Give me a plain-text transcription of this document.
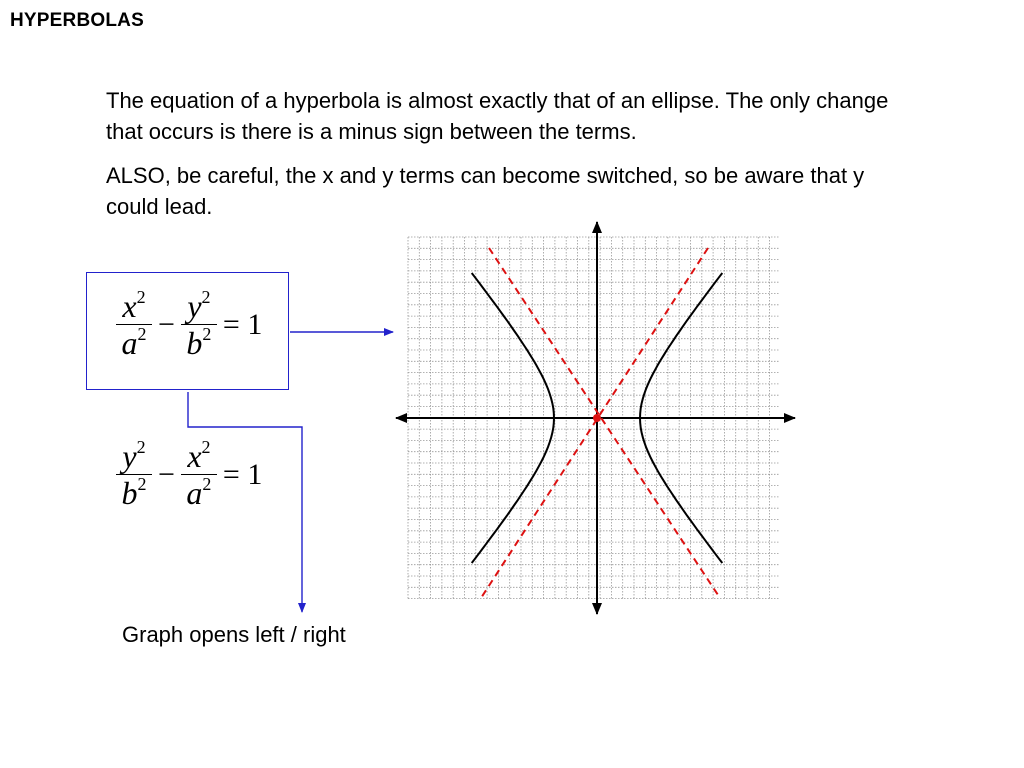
HYPERBOLAS

The equation of a hyperbola is almost exactly that of an ellipse. The only change that occurs is there is a minus sign between the terms.

ALSO, be careful, the x and y terms can become switched, so be aware that y could lead.

$\frac{x^2}{a^2} - \frac{y^2}{b^2} = 1$
$\frac{y^2}{b^2} - \frac{x^2}{a^2} = 1$
Graph opens left / right
